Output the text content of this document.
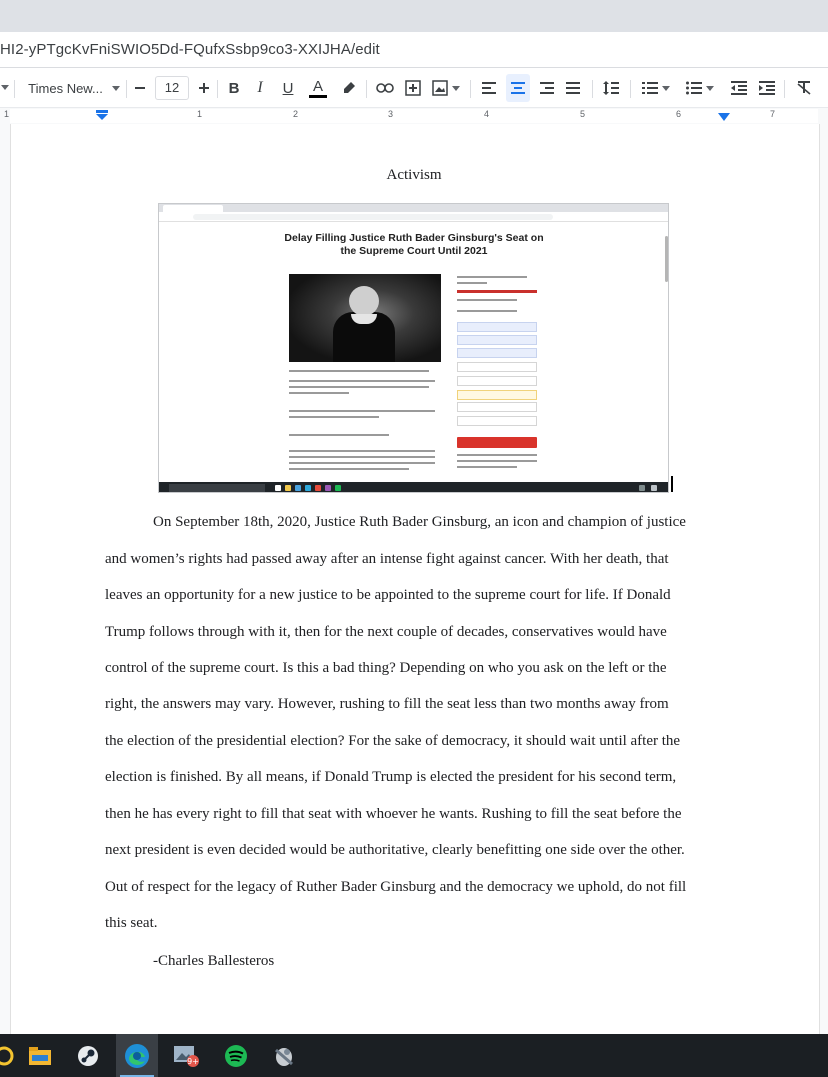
HI2-yPTgcKvFniSWIO5Dd-FQufxSsbp9co3-XXIJHA/edit
Times New...	12	B	I	U	A
1	1	2	3	4	5	6	7
Activism
Delay Filling Justice Ruth Bader Ginsburg's Seat on the Supreme Court Until 2021
On September 18th, 2020, Justice Ruth Bader Ginsburg, an icon and champion of justice
and women’s rights had passed away after an intense fight against cancer. With her death, that
leaves an opportunity for a new justice to be appointed to the supreme court for life. If Donald
Trump follows through with it, then for the next couple of decades, conservatives would have
control of the supreme court. Is this a bad thing? Depending on who you ask on the left or the
right, the answers may vary. However, rushing to fill the seat less than two months away from
the election of the presidential election? For the sake of democracy, it should wait until after the
election is finished. By all means, if Donald Trump is elected the president for his second term,
then he has every right to fill that seat with whoever he wants. Rushing to fill the seat before the
next president is even decided would be authoritative, clearly benefitting one side over the other.
Out of respect for the legacy of Ruther Bader Ginsburg and the democracy we uphold, do not fill
this seat.
-Charles Ballesteros
9+
